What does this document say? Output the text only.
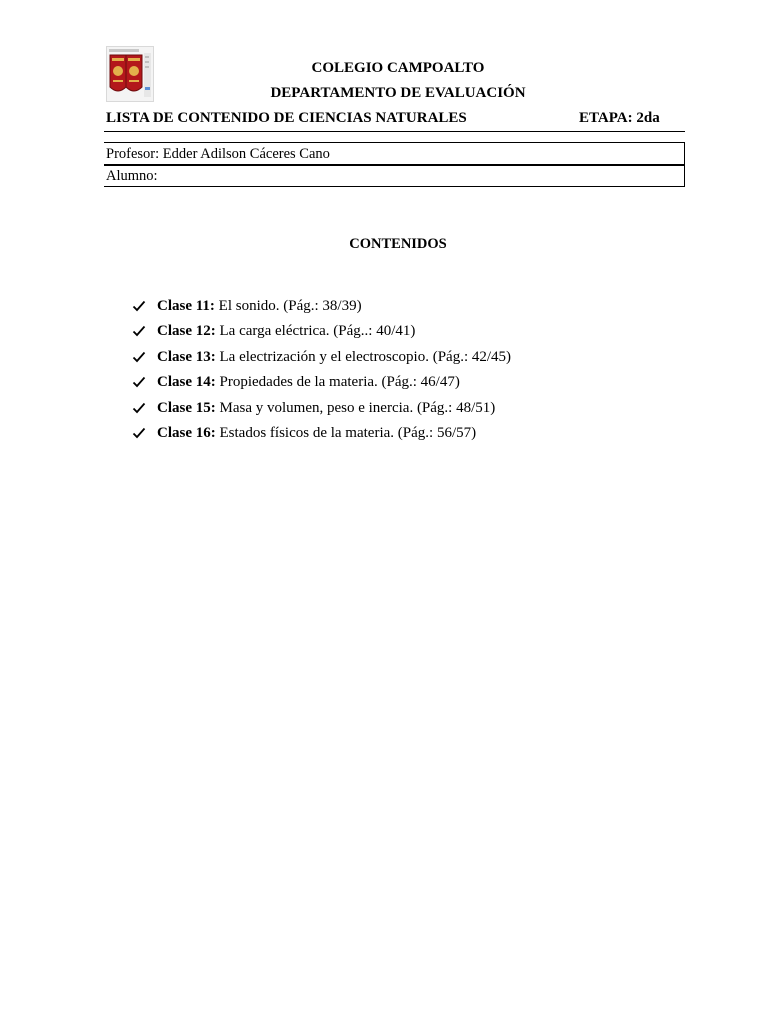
COLEGIO CAMPOALTO
DEPARTAMENTO DE EVALUACIÓN
LISTA DE CONTENIDO DE CIENCIAS NATURALES	ETAPA: 2da
Profesor: Edder Adilson Cáceres Cano
Alumno:
CONTENIDOS
Clase 11: El sonido. (Pág.: 38/39)
Clase 12: La carga eléctrica. (Pág..: 40/41)
Clase 13: La electrización y el electroscopio. (Pág.: 42/45)
Clase 14: Propiedades de la materia. (Pág.: 46/47)
Clase 15: Masa y volumen, peso e inercia. (Pág.: 48/51)
Clase 16: Estados físicos de la materia. (Pág.: 56/57)
